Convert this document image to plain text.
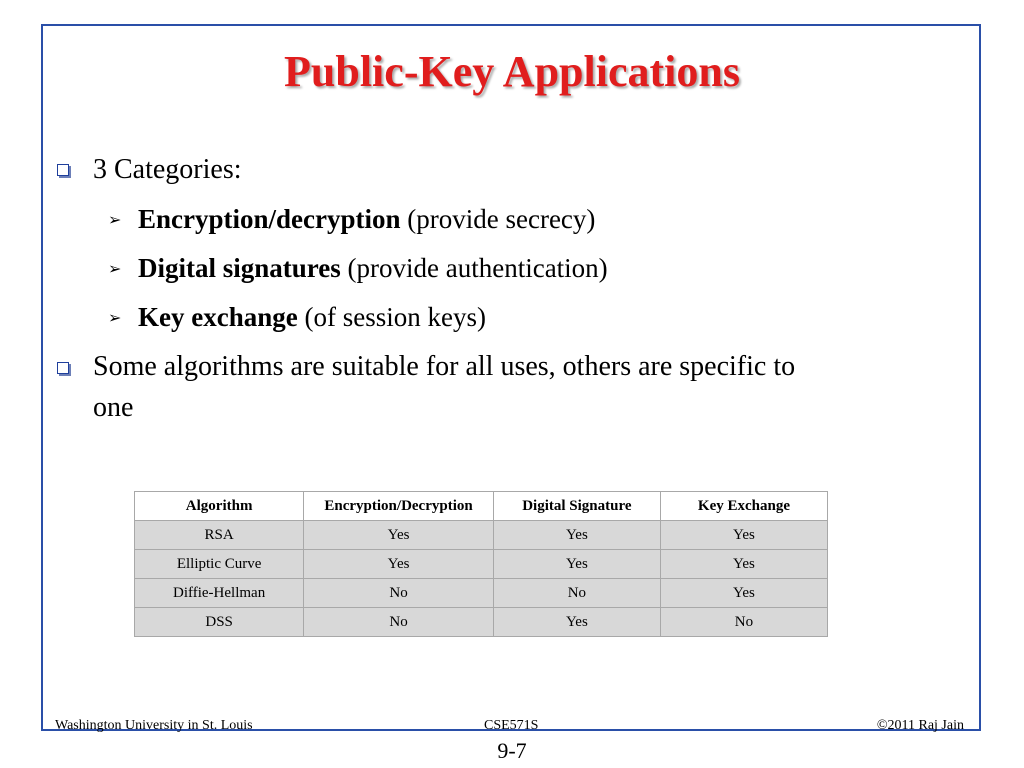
Public-Key Applications
3 Categories:
➢ Encryption/decryption (provide secrecy)
➢ Digital signatures (provide authentication)
➢ Key exchange (of session keys)
Some algorithms are suitable for all uses, others are specific to
one
Algorithm	Encryption/Decryption	Digital Signature	Key Exchange
RSA	Yes	Yes	Yes
Elliptic Curve	Yes	Yes	Yes
Diffie-Hellman	No	No	Yes
DSS	No	Yes	No
Washington University in St. Louis	CSE571S	©2011 Raj Jain
9-7
